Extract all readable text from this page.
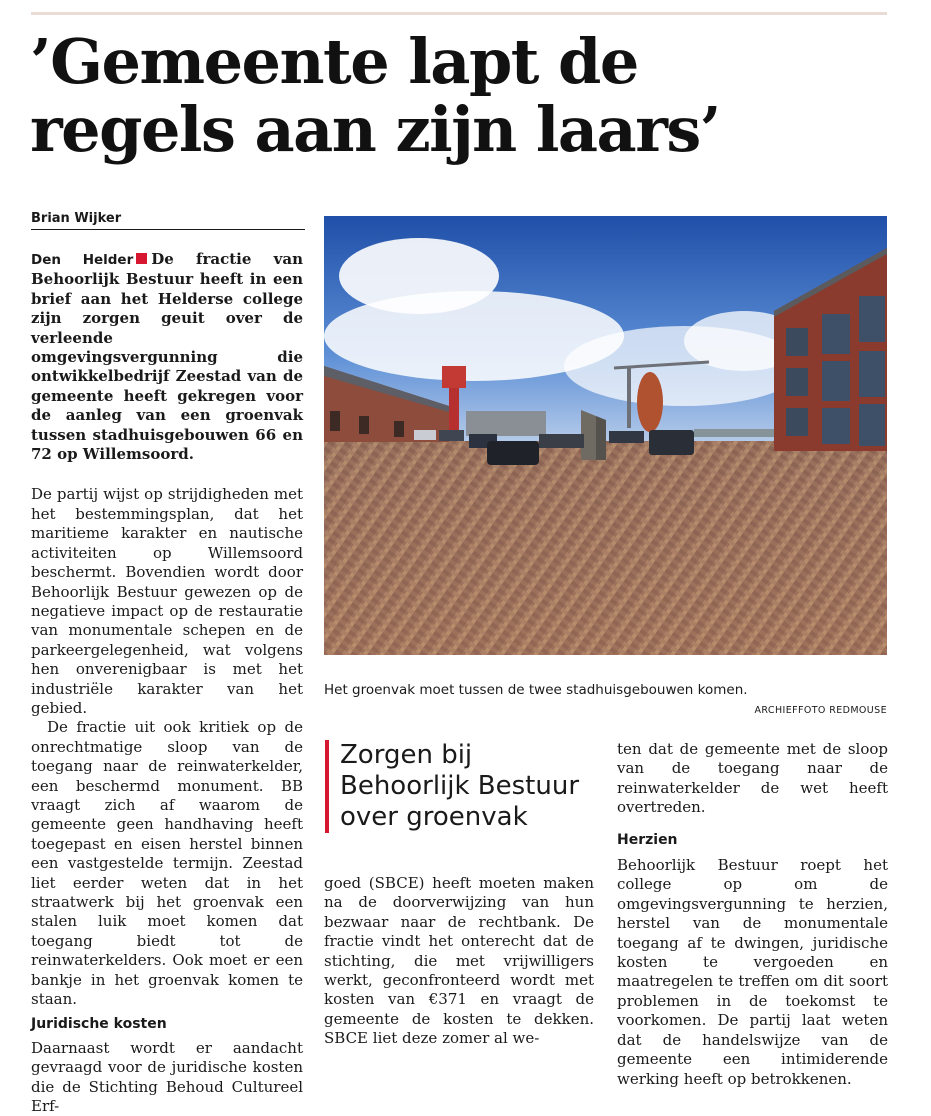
’Gemeente lapt de
regels aan zijn laars’
Brian Wijker

Den Helder De fractie van Behoorlijk Bestuur heeft in een brief aan het Helderse college zijn zorgen geuit over de verleende omgevingsvergunning die ontwikkelbedrijf Zeestad van de gemeente heeft gekregen voor de aanleg van een groenvak tussen stadhuisgebouwen 66 en 72 op Willemsoord.

De partij wijst op strijdigheden met het bestemmingsplan, dat het maritieme karakter en nautische activiteiten op Willemsoord beschermt. Bovendien wordt door Behoorlijk Bestuur gewezen op de negatieve impact op de restauratie van monumentale schepen en de parkeergelegenheid, wat volgens hen onverenigbaar is met het industriële karakter van het gebied.

De fractie uit ook kritiek op de onrechtmatige sloop van de toegang naar de reinwaterkelder, een beschermd monument. BB vraagt zich af waarom de gemeente geen handhaving heeft toegepast en eisen herstel binnen een vastgestelde termijn. Zeestad liet eerder weten dat in het straatwerk bij het groenvak een stalen luik moet komen dat toegang biedt tot de reinwaterkelders. Ook moet er een bankje in het groenvak komen te staan.

Juridische kosten

Daarnaast wordt er aandacht gevraagd voor de juridische kosten die de Stichting Behoud Cultureel Erf-

Het groenvak moet tussen de twee stadhuisgebouwen komen.
ARCHIEFFOTO REDMOUSE
Zorgen bij
Behoorlijk Bestuur
over groenvak

goed (SBCE) heeft moeten maken na de doorverwijzing van hun bezwaar naar de rechtbank. De fractie vindt het onterecht dat de stichting, die met vrijwilligers werkt, geconfronteerd wordt met kosten van €371 en vraagt de gemeente de kosten te dekken. SBCE liet deze zomer al we-

ten dat de gemeente met de sloop van de toegang naar de reinwaterkelder de wet heeft overtreden.

Herzien

Behoorlijk Bestuur roept het college op om de omgevingsvergunning te herzien, herstel van de monumentale toegang af te dwingen, juridische kosten te vergoeden en maatregelen te treffen om dit soort problemen in de toekomst te voorkomen. De partij laat weten dat de handelswijze van de gemeente een intimiderende werking heeft op betrokkenen.
